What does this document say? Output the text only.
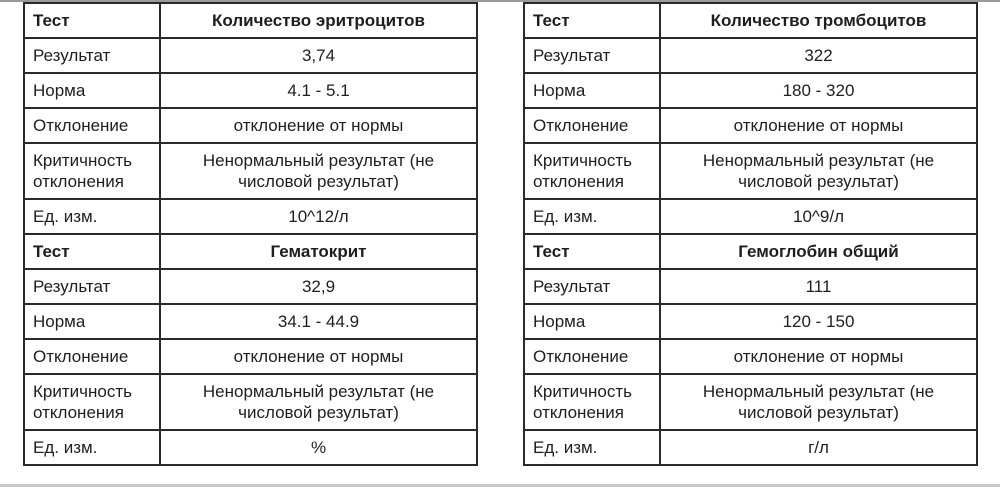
Тест	Количество эритроцитов
Результат	3,74
Норма	4.1 - 5.1
Отклонение	отклонение от нормы
Критичность отклонения	Ненормальный результат (не числовой результат)
Ед. изм.	10^12/л
Тест	Гематокрит
Результат	32,9
Норма	34.1 - 44.9
Отклонение	отклонение от нормы
Критичность отклонения	Ненормальный результат (не числовой результат)
Ед. изм.	%
Тест	Количество тромбоцитов
Результат	322
Норма	180 - 320
Отклонение	отклонение от нормы
Критичность отклонения	Ненормальный результат (не числовой результат)
Ед. изм.	10^9/л
Тест	Гемоглобин общий
Результат	111
Норма	120 - 150
Отклонение	отклонение от нормы
Критичность отклонения	Ненормальный результат (не числовой результат)
Ед. изм.	г/л
